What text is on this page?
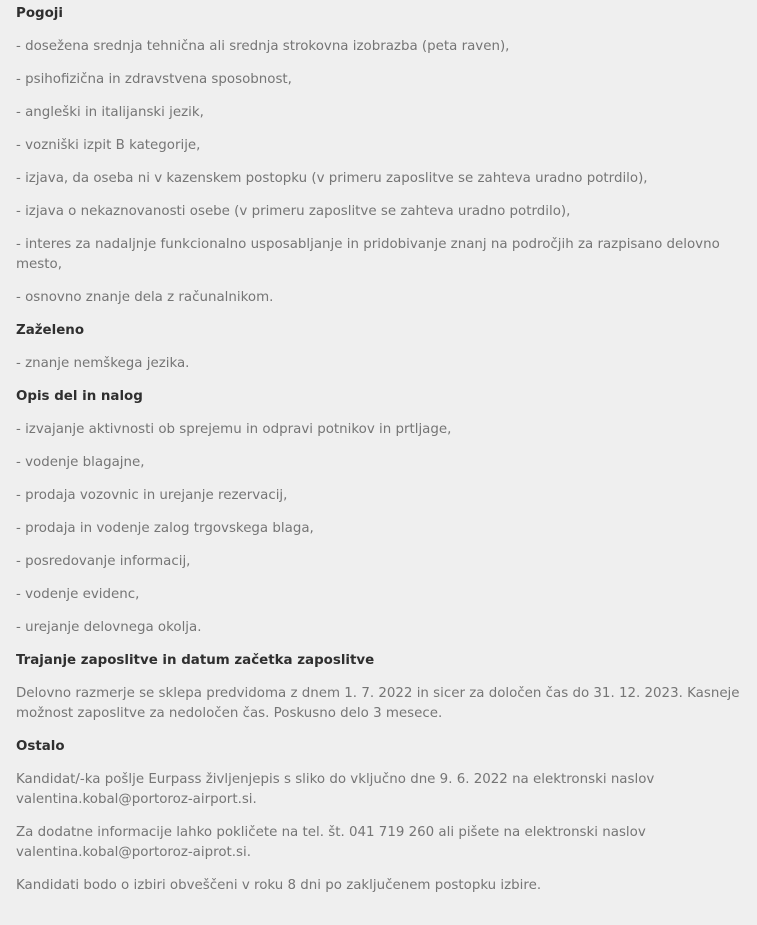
Pogoji
- dosežena srednja tehnična ali srednja strokovna izobrazba (peta raven),
- psihofizična in zdravstvena sposobnost,
- angleški in italijanski jezik,
- vozniški izpit B kategorije,
- izjava, da oseba ni v kazenskem postopku (v primeru zaposlitve se zahteva uradno potrdilo),
- izjava o nekaznovanosti osebe (v primeru zaposlitve se zahteva uradno potrdilo),
- interes za nadaljnje funkcionalno usposabljanje in pridobivanje znanj na področjih za razpisano delovno mesto,
- osnovno znanje dela z računalnikom.
Zaželeno
- znanje nemškega jezika.
Opis del in nalog
- izvajanje aktivnosti ob sprejemu in odpravi potnikov in prtljage,
- vodenje blagajne,
- prodaja vozovnic in urejanje rezervacij,
- prodaja in vodenje zalog trgovskega blaga,
- posredovanje informacij,
- vodenje evidenc,
- urejanje delovnega okolja.
Trajanje zaposlitve in datum začetka zaposlitve
Delovno razmerje se sklepa predvidoma z dnem 1. 7. 2022 in sicer za določen čas do 31. 12. 2023. Kasneje možnost zaposlitve za nedoločen čas. Poskusno delo 3 mesece.
Ostalo
Kandidat/-ka pošlje Eurpass življenjepis s sliko do vključno dne 9. 6. 2022 na elektronski naslov valentina.kobal@portoroz-airport.si.
Za dodatne informacije lahko pokličete na tel. št. 041 719 260 ali pišete na elektronski naslov valentina.kobal@portoroz-aiprot.si.
Kandidati bodo o izbiri obveščeni v roku 8 dni po zaključenem postopku izbire.
